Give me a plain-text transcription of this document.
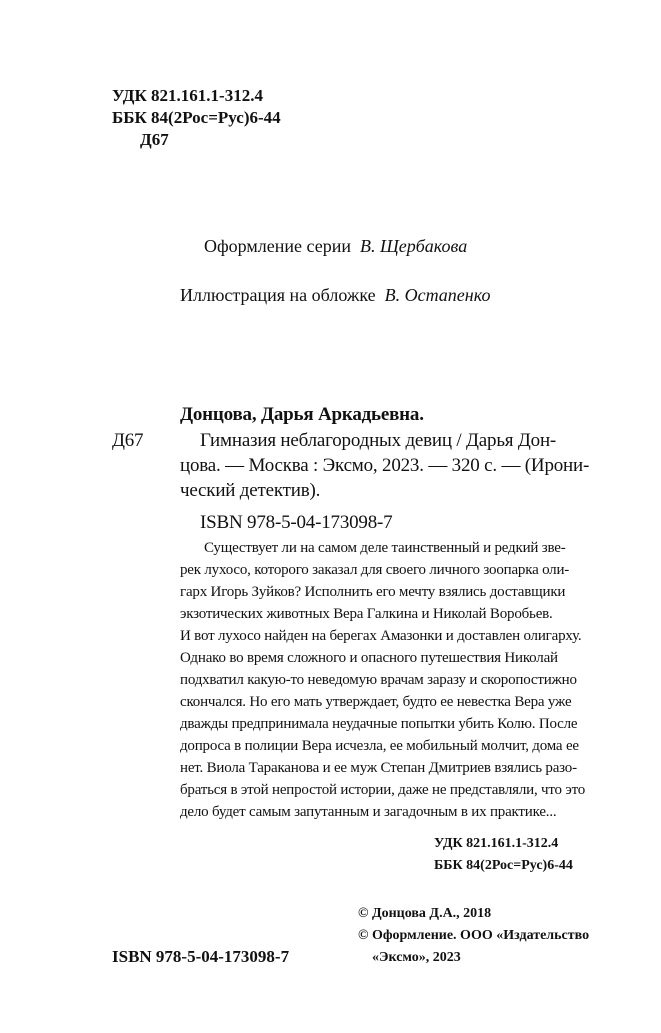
УДК 821.161.1-312.4
ББК 84(2Рос=Рус)6-44
Д67
Оформление серии В. Щербакова
Иллюстрация на обложке В. Остапенко
Донцова, Дарья Аркадьевна.
Д67	Гимназия неблагородных девиц / Дарья Дон-
цова. — Москва : Эксмо, 2023. — 320 с. — (Ирони-
ческий детектив).
ISBN 978-5-04-173098-7
Существует ли на самом деле таинственный и редкий зве-
рек лухосо, которого заказал для своего личного зоопарка оли-
гарх Игорь Зуйков? Исполнить его мечту взялись доставщики
экзотических животных Вера Галкина и Николай Воробьев.
И вот лухосо найден на берегах Амазонки и доставлен олигарху.
Однако во время сложного и опасного путешествия Николай
подхватил какую-то неведомую врачам заразу и скоропостижно
скончался. Но его мать утверждает, будто ее невестка Вера уже
дважды предпринимала неудачные попытки убить Колю. После
допроса в полиции Вера исчезла, ее мобильный молчит, дома ее
нет. Виола Тараканова и ее муж Степан Дмитриев взялись разо-
браться в этой непростой истории, даже не представляли, что это
дело будет самым запутанным и загадочным в их практике...
УДК 821.161.1-312.4
ББК 84(2Рос=Рус)6-44
© Донцова Д.А., 2018
© Оформление. ООО «Издательство
«Эксмо», 2023
ISBN 978-5-04-173098-7
